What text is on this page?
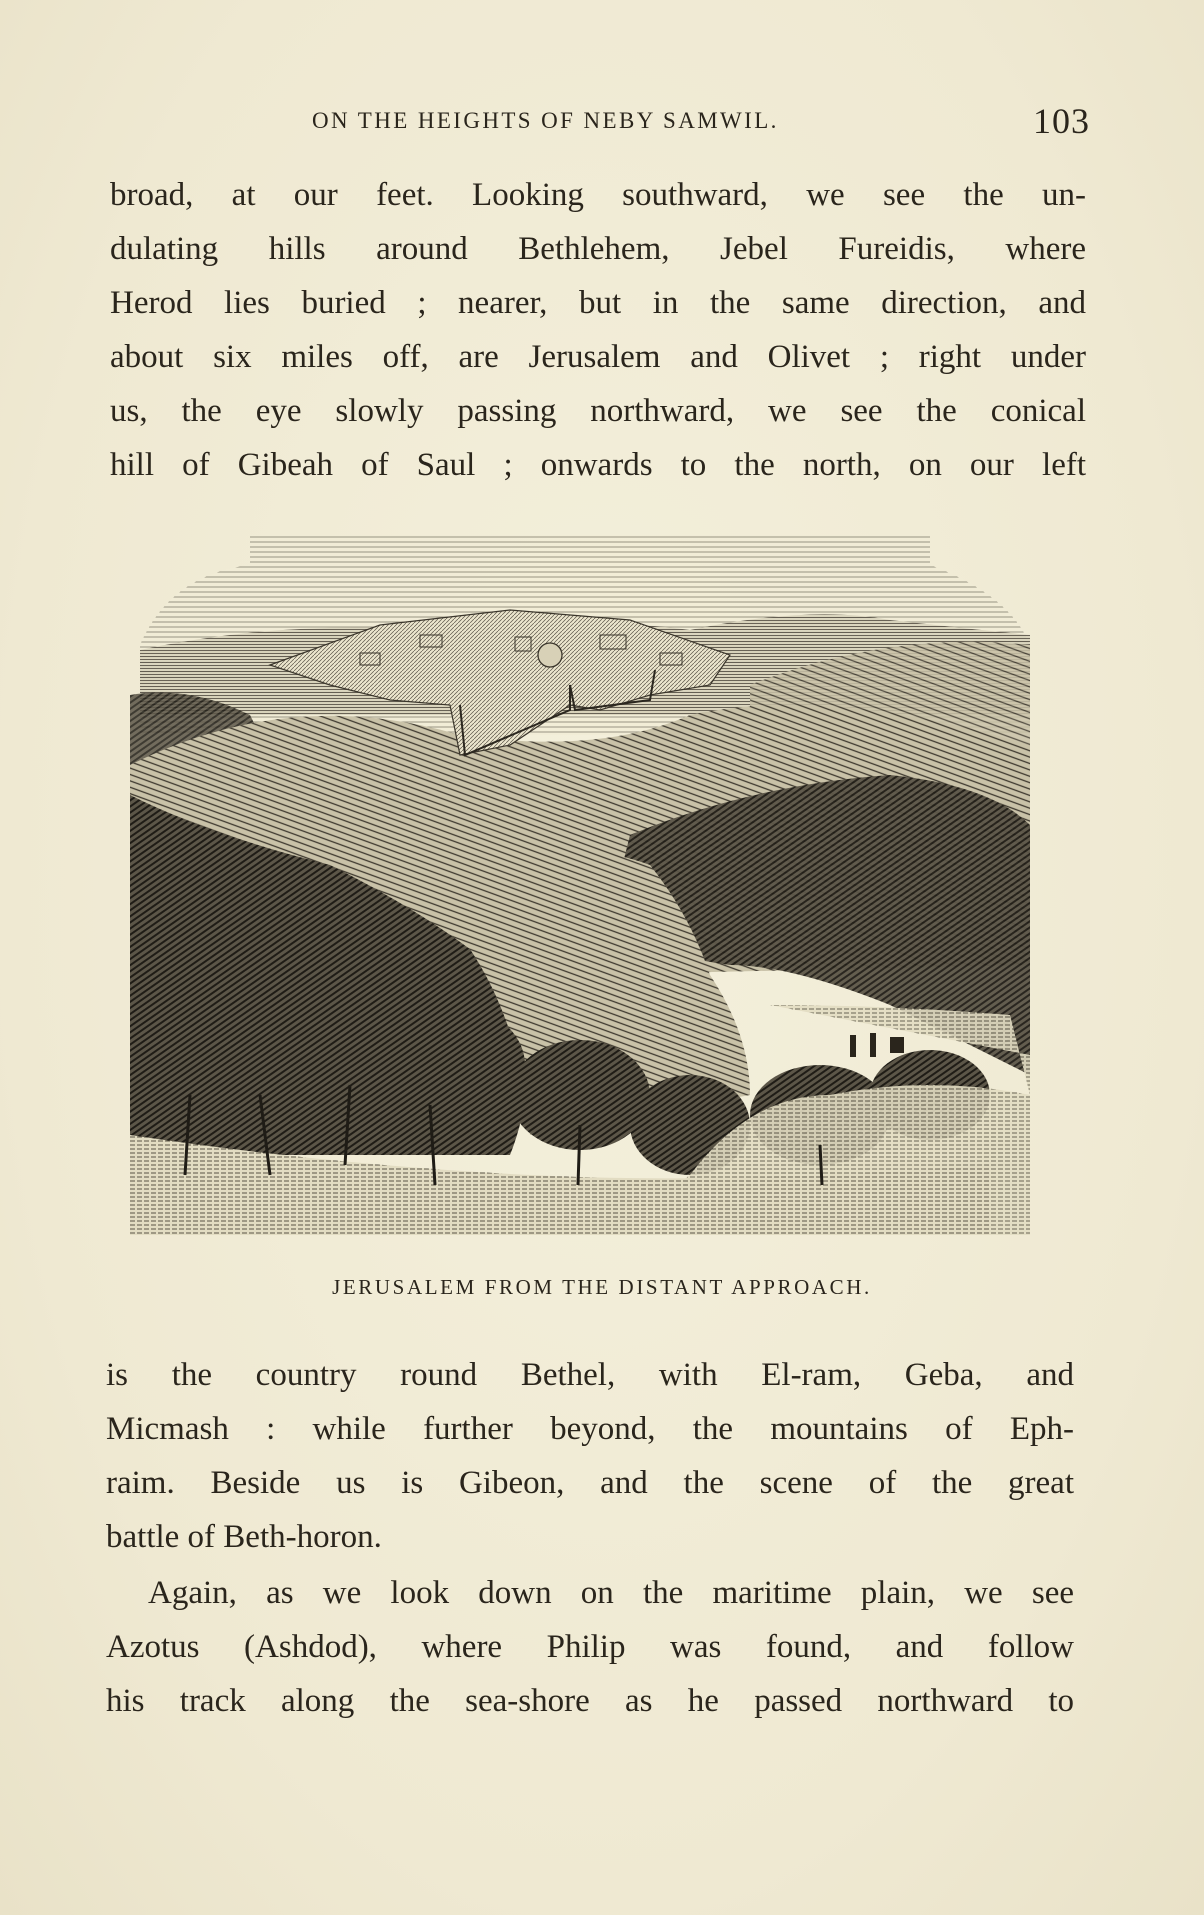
ON THE HEIGHTS OF NEBY SAMWIL.	103
broad, at our feet. Looking southward, we see the un-
dulating hills around Bethlehem, Jebel Fureidis, where
Herod lies buried ; nearer, but in the same direction, and
about six miles off, are Jerusalem and Olivet ; right under
us, the eye slowly passing northward, we see the conical
hill of Gibeah of Saul ; onwards to the north, on our left
JERUSALEM FROM THE DISTANT APPROACH.
is the country round Bethel, with El-ram, Geba, and
Micmash : while further beyond, the mountains of Eph-
raim. Beside us is Gibeon, and the scene of the great
battle of Beth-horon.
Again, as we look down on the maritime plain, we see
Azotus (Ashdod), where Philip was found, and follow
his track along the sea-shore as he passed northward to
